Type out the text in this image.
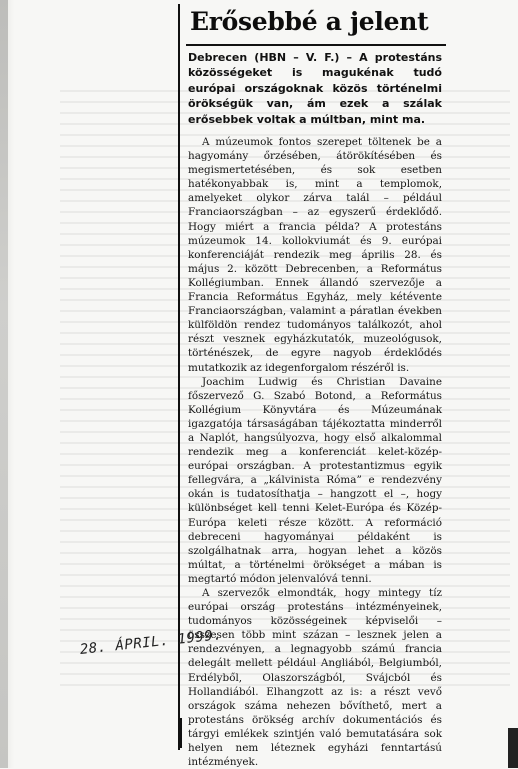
Erősebbé a jelent

Debrecen (HBN – V. F.) – A protestáns közösségeket is magukénak tudó európai országoknak közös történelmi örökségük van, ám ezek a szálak erősebbek voltak a múltban, mint ma.

A múzeumok fontos szerepet töltenek be a hagyomány őrzésében, átörökítésében és megismertetésében, és sok esetben hatékonyabbak is, mint a templomok, amelyeket olykor zárva talál – például Franciaországban – az egyszerű érdeklődő. Hogy miért a francia példa? A protestáns múzeumok 14. kollokviumát és 9. európai konferenciáját rendezik meg április 28. és május 2. között Debrecenben, a Református Kollégiumban. Ennek állandó szervezője a Francia Református Egyház, mely kétévente Franciaországban, valamint a páratlan években külföldön rendez tudományos találkozót, ahol részt vesznek egyházkutatók, muzeológusok, történészek, de egyre nagyob érdeklődés mutatkozik az idegenforgalom részéről is.

Joachim Ludwig és Christian Davaine főszervező G. Szabó Botond, a Református Kollégium Könyvtára és Múzeumának igazgatója társaságában tájékoztatta minderről a Naplót, hangsúlyozva, hogy első alkalommal rendezik meg a konferenciát kelet-közép-európai országban. A protestantizmus egyik fellegvára, a „kálvinista Róma” e rendezvény okán is tudatosíthatja – hangzott el –, hogy különbséget kell tenni Kelet-Európa és Közép-Európa keleti része között. A reformáció debreceni hagyományai példaként is szolgálhatnak arra, hogyan lehet a közös múltat, a történelmi örökséget a mában is megtartó módon jelenvalóvá tenni.

A szervezők elmondták, hogy mintegy tíz európai ország protestáns intézményeinek, tudományos közösségeinek képviselői – összesen több mint százan – lesznek jelen a rendezvényen, a legnagyobb számú francia delegált mellett például Angliából, Belgiumból, Erdélyből, Olaszországból, Svájcból és Hollandiából. Elhangzott az is: a részt vevő országok száma nehezen bővíthető, mert a protestáns örökség archív dokumentációs és tárgyi emlékek szintjén való bemutatására sok helyen nem léteznek egyházi fenntartású intézmények.

28. ÁPRIL. 1999.
